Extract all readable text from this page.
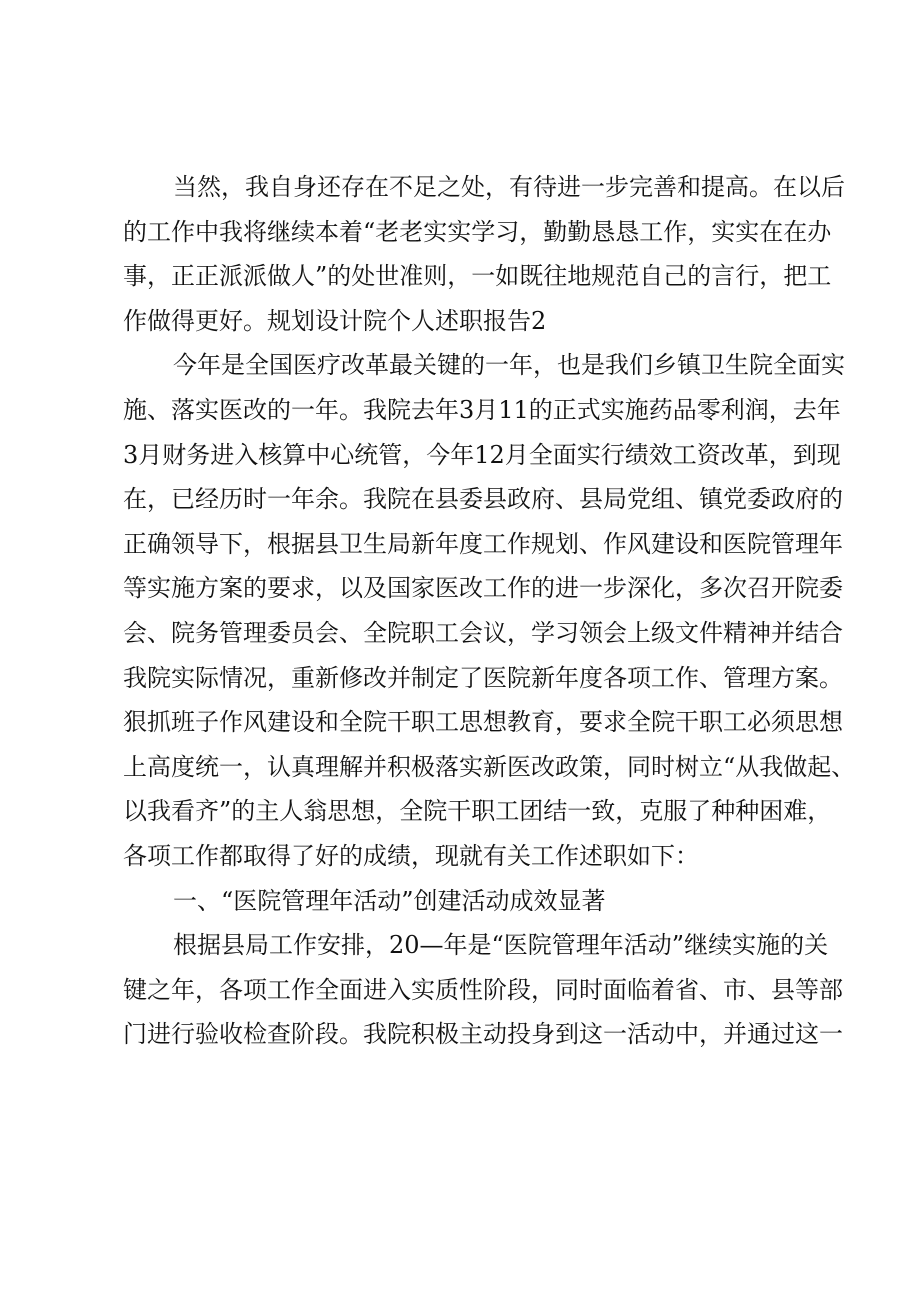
当然，我自身还存在不足之处，有待进一步完善和提高。在以后
的工作中我将继续本着“老老实实学习，勤勤恳恳工作，实实在在办
事，正正派派做人”的处世准则，一如既往地规范自己的言行，把工
作做得更好。规划设计院个人述职报告2
今年是全国医疗改革最关键的一年，也是我们乡镇卫生院全面实
施、落实医改的一年。我院去年3月11的正式实施药品零利润，去年
3月财务进入核算中心统管，今年12月全面实行绩效工资改革，到现
在，已经历时一年余。我院在县委县政府、县局党组、镇党委政府的
正确领导下，根据县卫生局新年度工作规划、作风建设和医院管理年
等实施方案的要求，以及国家医改工作的进一步深化，多次召开院委
会、院务管理委员会、全院职工会议，学习领会上级文件精神并结合
我院实际情况，重新修改并制定了医院新年度各项工作、管理方案。
狠抓班子作风建设和全院干职工思想教育，要求全院干职工必须思想
上高度统一，认真理解并积极落实新医改政策，同时树立“从我做起、
以我看齐”的主人翁思想，全院干职工团结一致，克服了种种困难，
各项工作都取得了好的成绩，现就有关工作述职如下：
一、“医院管理年活动”创建活动成效显著
根据县局工作安排，20—年是“医院管理年活动”继续实施的关
键之年，各项工作全面进入实质性阶段，同时面临着省、市、县等部
门进行验收检查阶段。我院积极主动投身到这一活动中，并通过这一
